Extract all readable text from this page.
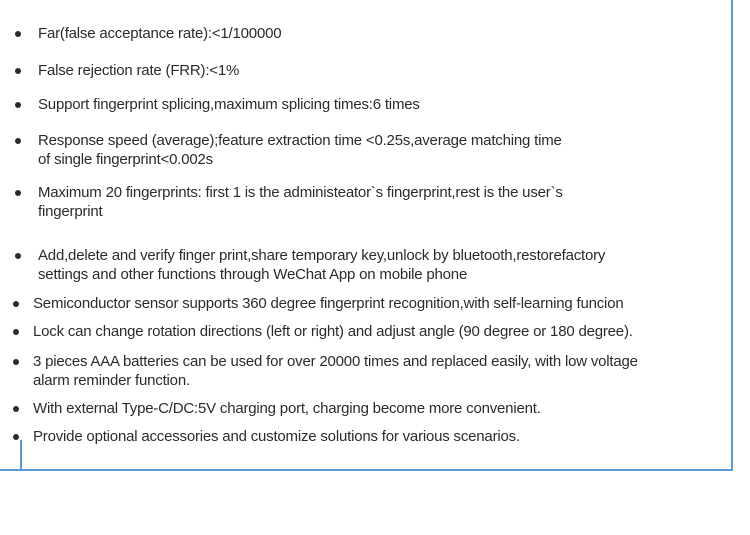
Far(false acceptance rate):<1/100000
False rejection rate (FRR):<1%
Support fingerprint splicing,maximum splicing times:6 times
Response speed (average);feature extraction time <0.25s,average matching time
of single fingerprint<0.002s
Maximum 20 fingerprints: first 1 is the administeator`s fingerprint,rest is the user`s
fingerprint
Add,delete and verify finger print,share temporary key,unlock by bluetooth,restorefactory
settings and other functions through WeChat App on mobile phone
Semiconductor sensor supports 360 degree fingerprint recognition,with self-learning funcion
Lock can change rotation directions (left or right) and adjust angle (90 degree or 180 degree).
3 pieces AAA batteries can be used for over 20000 times and replaced easily, with low voltage
alarm reminder function.
With external Type-C/DC:5V charging port, charging become more convenient.
Provide optional accessories and customize solutions for various scenarios.
